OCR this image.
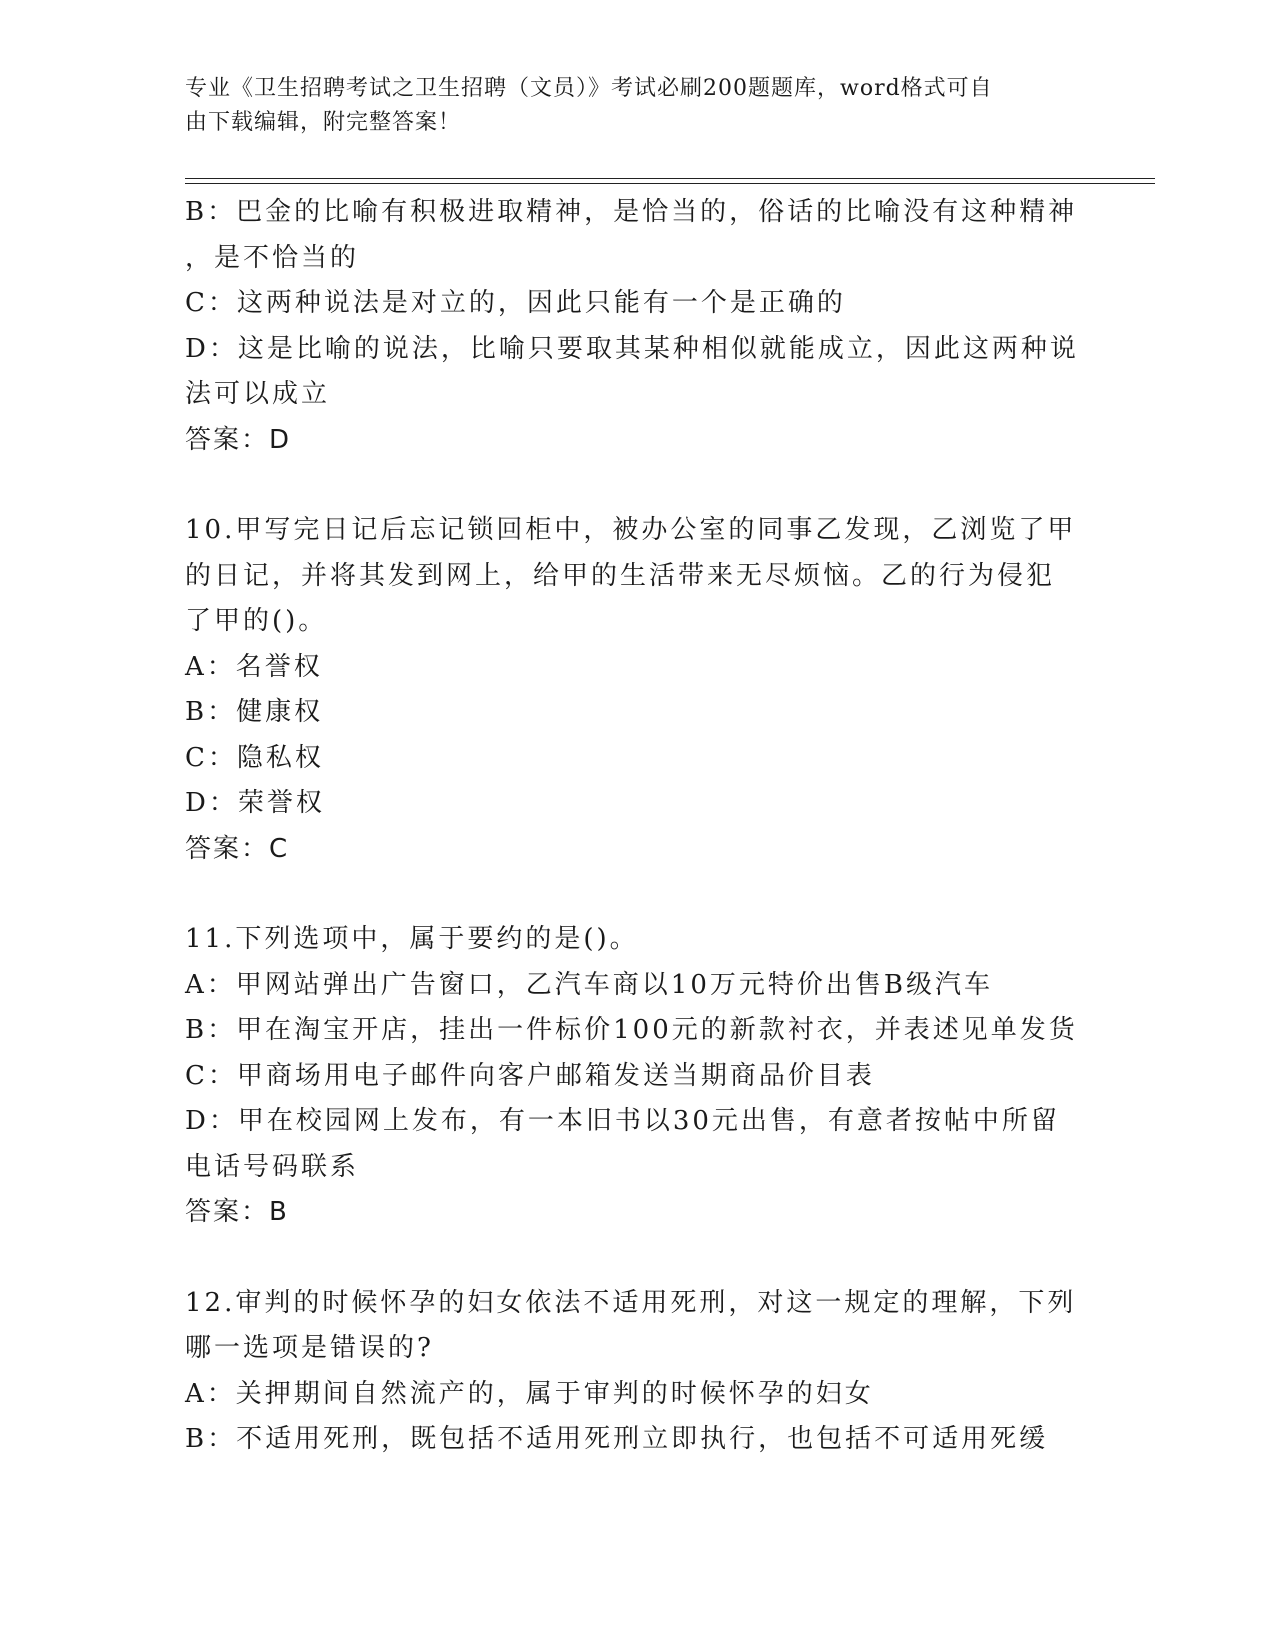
专业《卫生招聘考试之卫生招聘（文员）》考试必刷200题题库，word格式可自
由下载编辑，附完整答案！

B：巴金的比喻有积极进取精神，是恰当的，俗话的比喻没有这种精神

，是不恰当的

C：这两种说法是对立的，因此只能有一个是正确的

D：这是比喻的说法，比喻只要取其某种相似就能成立，因此这两种说

法可以成立

答案：D

10.甲写完日记后忘记锁回柜中，被办公室的同事乙发现，乙浏览了甲

的日记，并将其发到网上，给甲的生活带来无尽烦恼。乙的行为侵犯

了甲的()。

A：名誉权

B：健康权

C：隐私权

D：荣誉权

答案：C

11.下列选项中，属于要约的是()。

A：甲网站弹出广告窗口，乙汽车商以10万元特价出售B级汽车

B：甲在淘宝开店，挂出一件标价100元的新款衬衣，并表述见单发货

C：甲商场用电子邮件向客户邮箱发送当期商品价目表

D：甲在校园网上发布，有一本旧书以30元出售，有意者按帖中所留

电话号码联系

答案：B

12.审判的时候怀孕的妇女依法不适用死刑，对这一规定的理解，下列

哪一选项是错误的?

A：关押期间自然流产的，属于审判的时候怀孕的妇女

B：不适用死刑，既包括不适用死刑立即执行，也包括不可适用死缓
